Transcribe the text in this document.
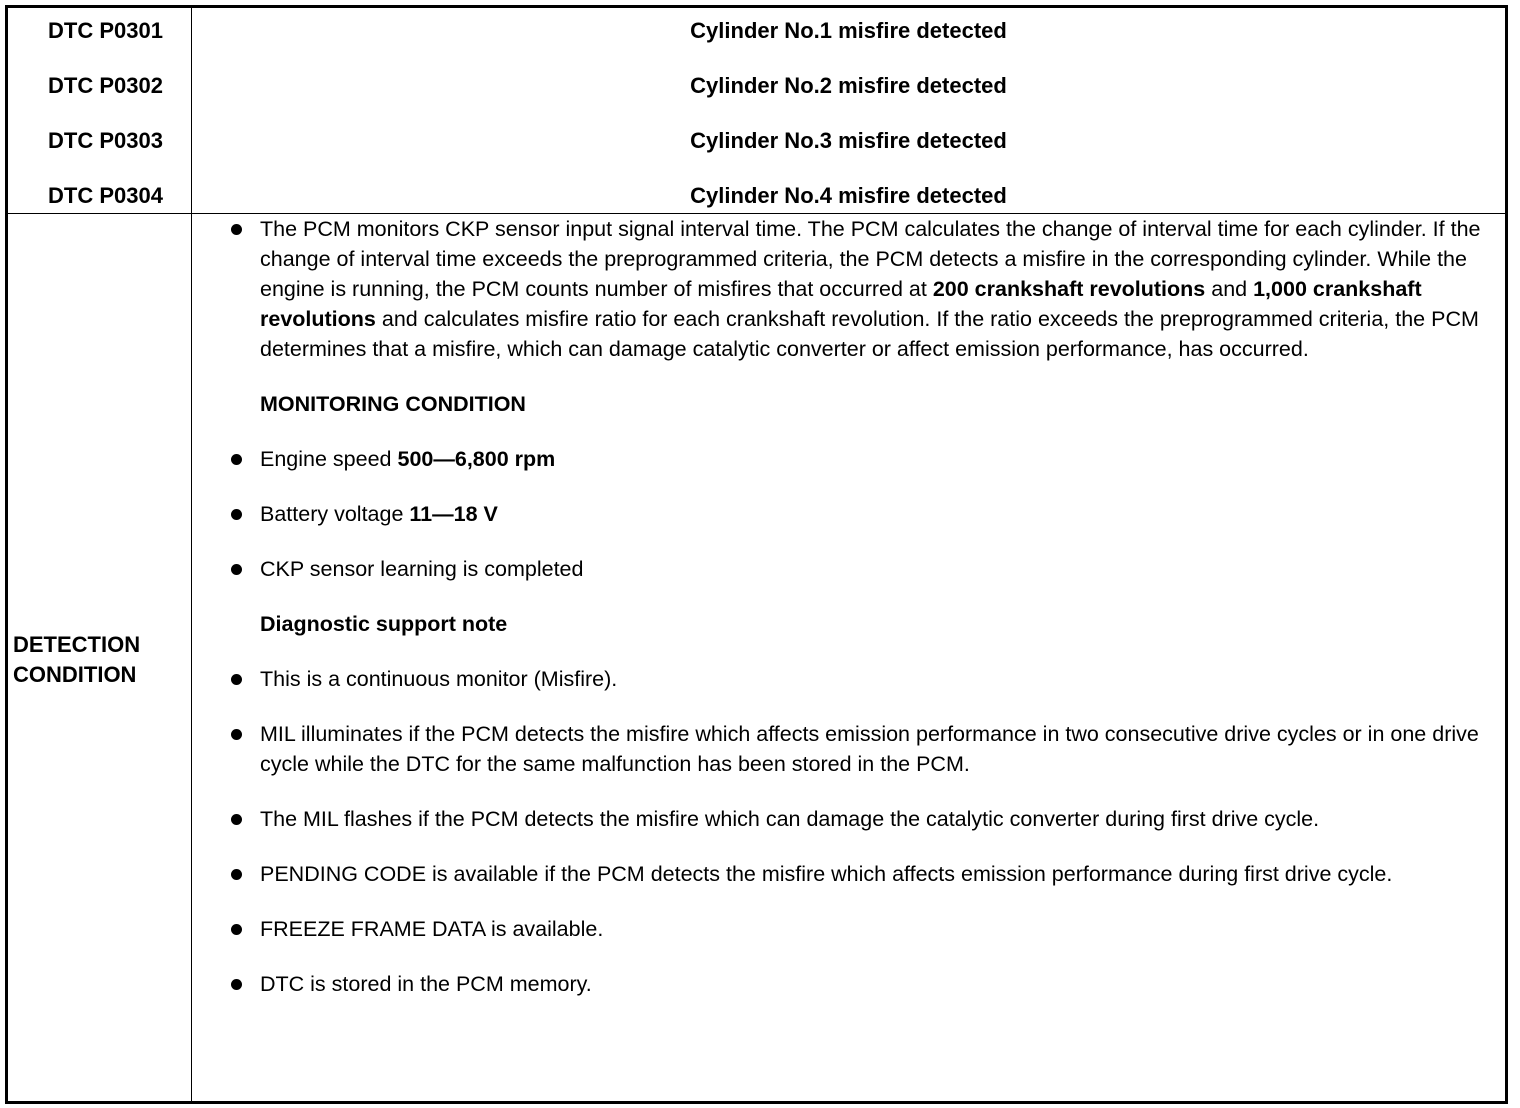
DTC P0301	Cylinder No.1 misfire detected
DTC P0302	Cylinder No.2 misfire detected
DTC P0303	Cylinder No.3 misfire detected
DTC P0304	Cylinder No.4 misfire detected
DETECTION
CONDITION

The PCM monitors CKP sensor input signal interval time. The PCM calculates the change of interval time for each cylinder. If the change of interval time exceeds the preprogrammed criteria, the PCM detects a misfire in the corresponding cylinder. While the engine is running, the PCM counts number of misfires that occurred at 200 crankshaft revolutions and 1,000 crankshaft revolutions and calculates misfire ratio for each crankshaft revolution. If the ratio exceeds the preprogrammed criteria, the PCM determines that a misfire, which can damage catalytic converter or affect emission performance, has occurred.

MONITORING CONDITION

Engine speed 500—6,800 rpm

Battery voltage 11—18 V

CKP sensor learning is completed

Diagnostic support note

This is a continuous monitor (Misfire).

MIL illuminates if the PCM detects the misfire which affects emission performance in two consecutive drive cycles or in one drive cycle while the DTC for the same malfunction has been stored in the PCM.

The MIL flashes if the PCM detects the misfire which can damage the catalytic converter during first drive cycle.

PENDING CODE is available if the PCM detects the misfire which affects emission performance during first drive cycle.

FREEZE FRAME DATA is available.

DTC is stored in the PCM memory.
